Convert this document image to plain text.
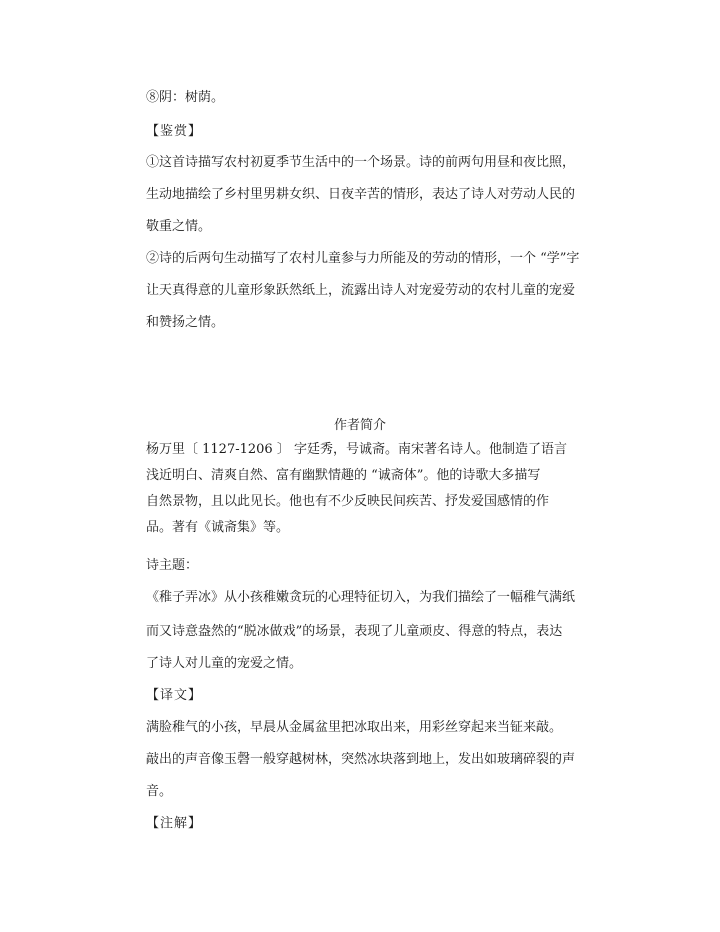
⑧阴：树荫。
【鉴赏】
①这首诗描写农村初夏季节生活中的一个场景。诗的前两句用昼和夜比照，
生动地描绘了乡村里男耕女织、日夜辛苦的情形，表达了诗人对劳动人民的
敬重之情。
②诗的后两句生动描写了农村儿童参与力所能及的劳动的情形，一个 “学”字
让天真得意的儿童形象跃然纸上，流露出诗人对宠爱劳动的农村儿童的宠爱
和赞扬之情。
作者简介
杨万里〔 1127-1206 〕 字廷秀，号诚斋。南宋著名诗人。他制造了语言
浅近明白、清爽自然、富有幽默情趣的 “诚斋体”。他的诗歌大多描写
自然景物，且以此见长。他也有不少反映民间疾苦、抒发爱国感情的作
品。著有《诚斋集》等。
诗主题：
《稚子弄冰》从小孩稚嫩贪玩的心理特征切入，为我们描绘了一幅稚气满纸
而又诗意盎然的“脱冰做戏”的场景，表现了儿童顽皮、得意的特点，表达
了诗人对儿童的宠爱之情。
【译文】
满脸稚气的小孩，早晨从金属盆里把冰取出来，用彩丝穿起来当钲来敲。
敲出的声音像玉磬一般穿越树林，突然冰块落到地上，发出如玻璃碎裂的声
音。
【注解】
